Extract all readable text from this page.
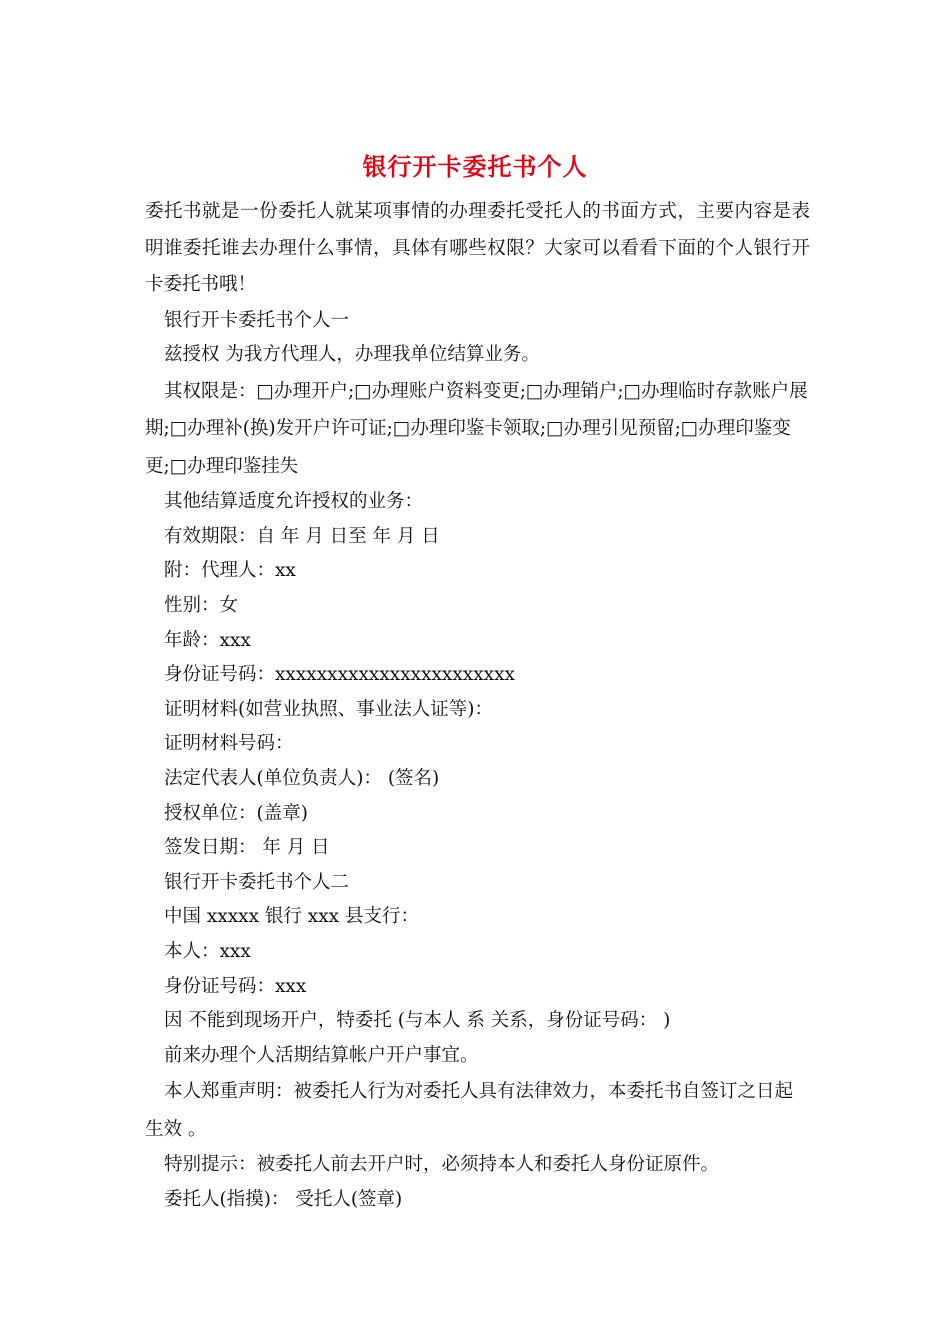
银行开卡委托书个人

委托书就是一份委托人就某项事情的办理委托受托人的书面方式，主要内容是表明谁委托谁去办理什么事情，具体有哪些权限？大家可以看看下面的个人银行开卡委托书哦！

银行开卡委托书个人一

兹授权 为我方代理人，办理我单位结算业务。

其权限是：□办理开户;□办理账户资料变更;□办理销户;□办理临时存款账户展期;□办理补(换)发开户许可证;□办理印鉴卡领取;□办理引见预留;□办理印鉴变更;□办理印鉴挂失

其他结算适度允许授权的业务：

有效期限：自 年 月 日至 年 月 日

附：代理人：xx

性别：女

年龄：xxx

身份证号码：xxxxxxxxxxxxxxxxxxxxxxx

证明材料(如营业执照、事业法人证等)：

证明材料号码：

法定代表人(单位负责人)： (签名)

授权单位：(盖章)

签发日期： 年 月 日

银行开卡委托书个人二

中国 xxxxx 银行 xxx 县支行：

本人：xxx

身份证号码：xxx

因 不能到现场开户，特委托 (与本人 系 关系，身份证号码： )

前来办理个人活期结算帐户开户事宜。

本人郑重声明：被委托人行为对委托人具有法律效力，本委托书自签订之日起生效 。

特别提示：被委托人前去开户时，必须持本人和委托人身份证原件。

委托人(指摸)： 受托人(签章)
